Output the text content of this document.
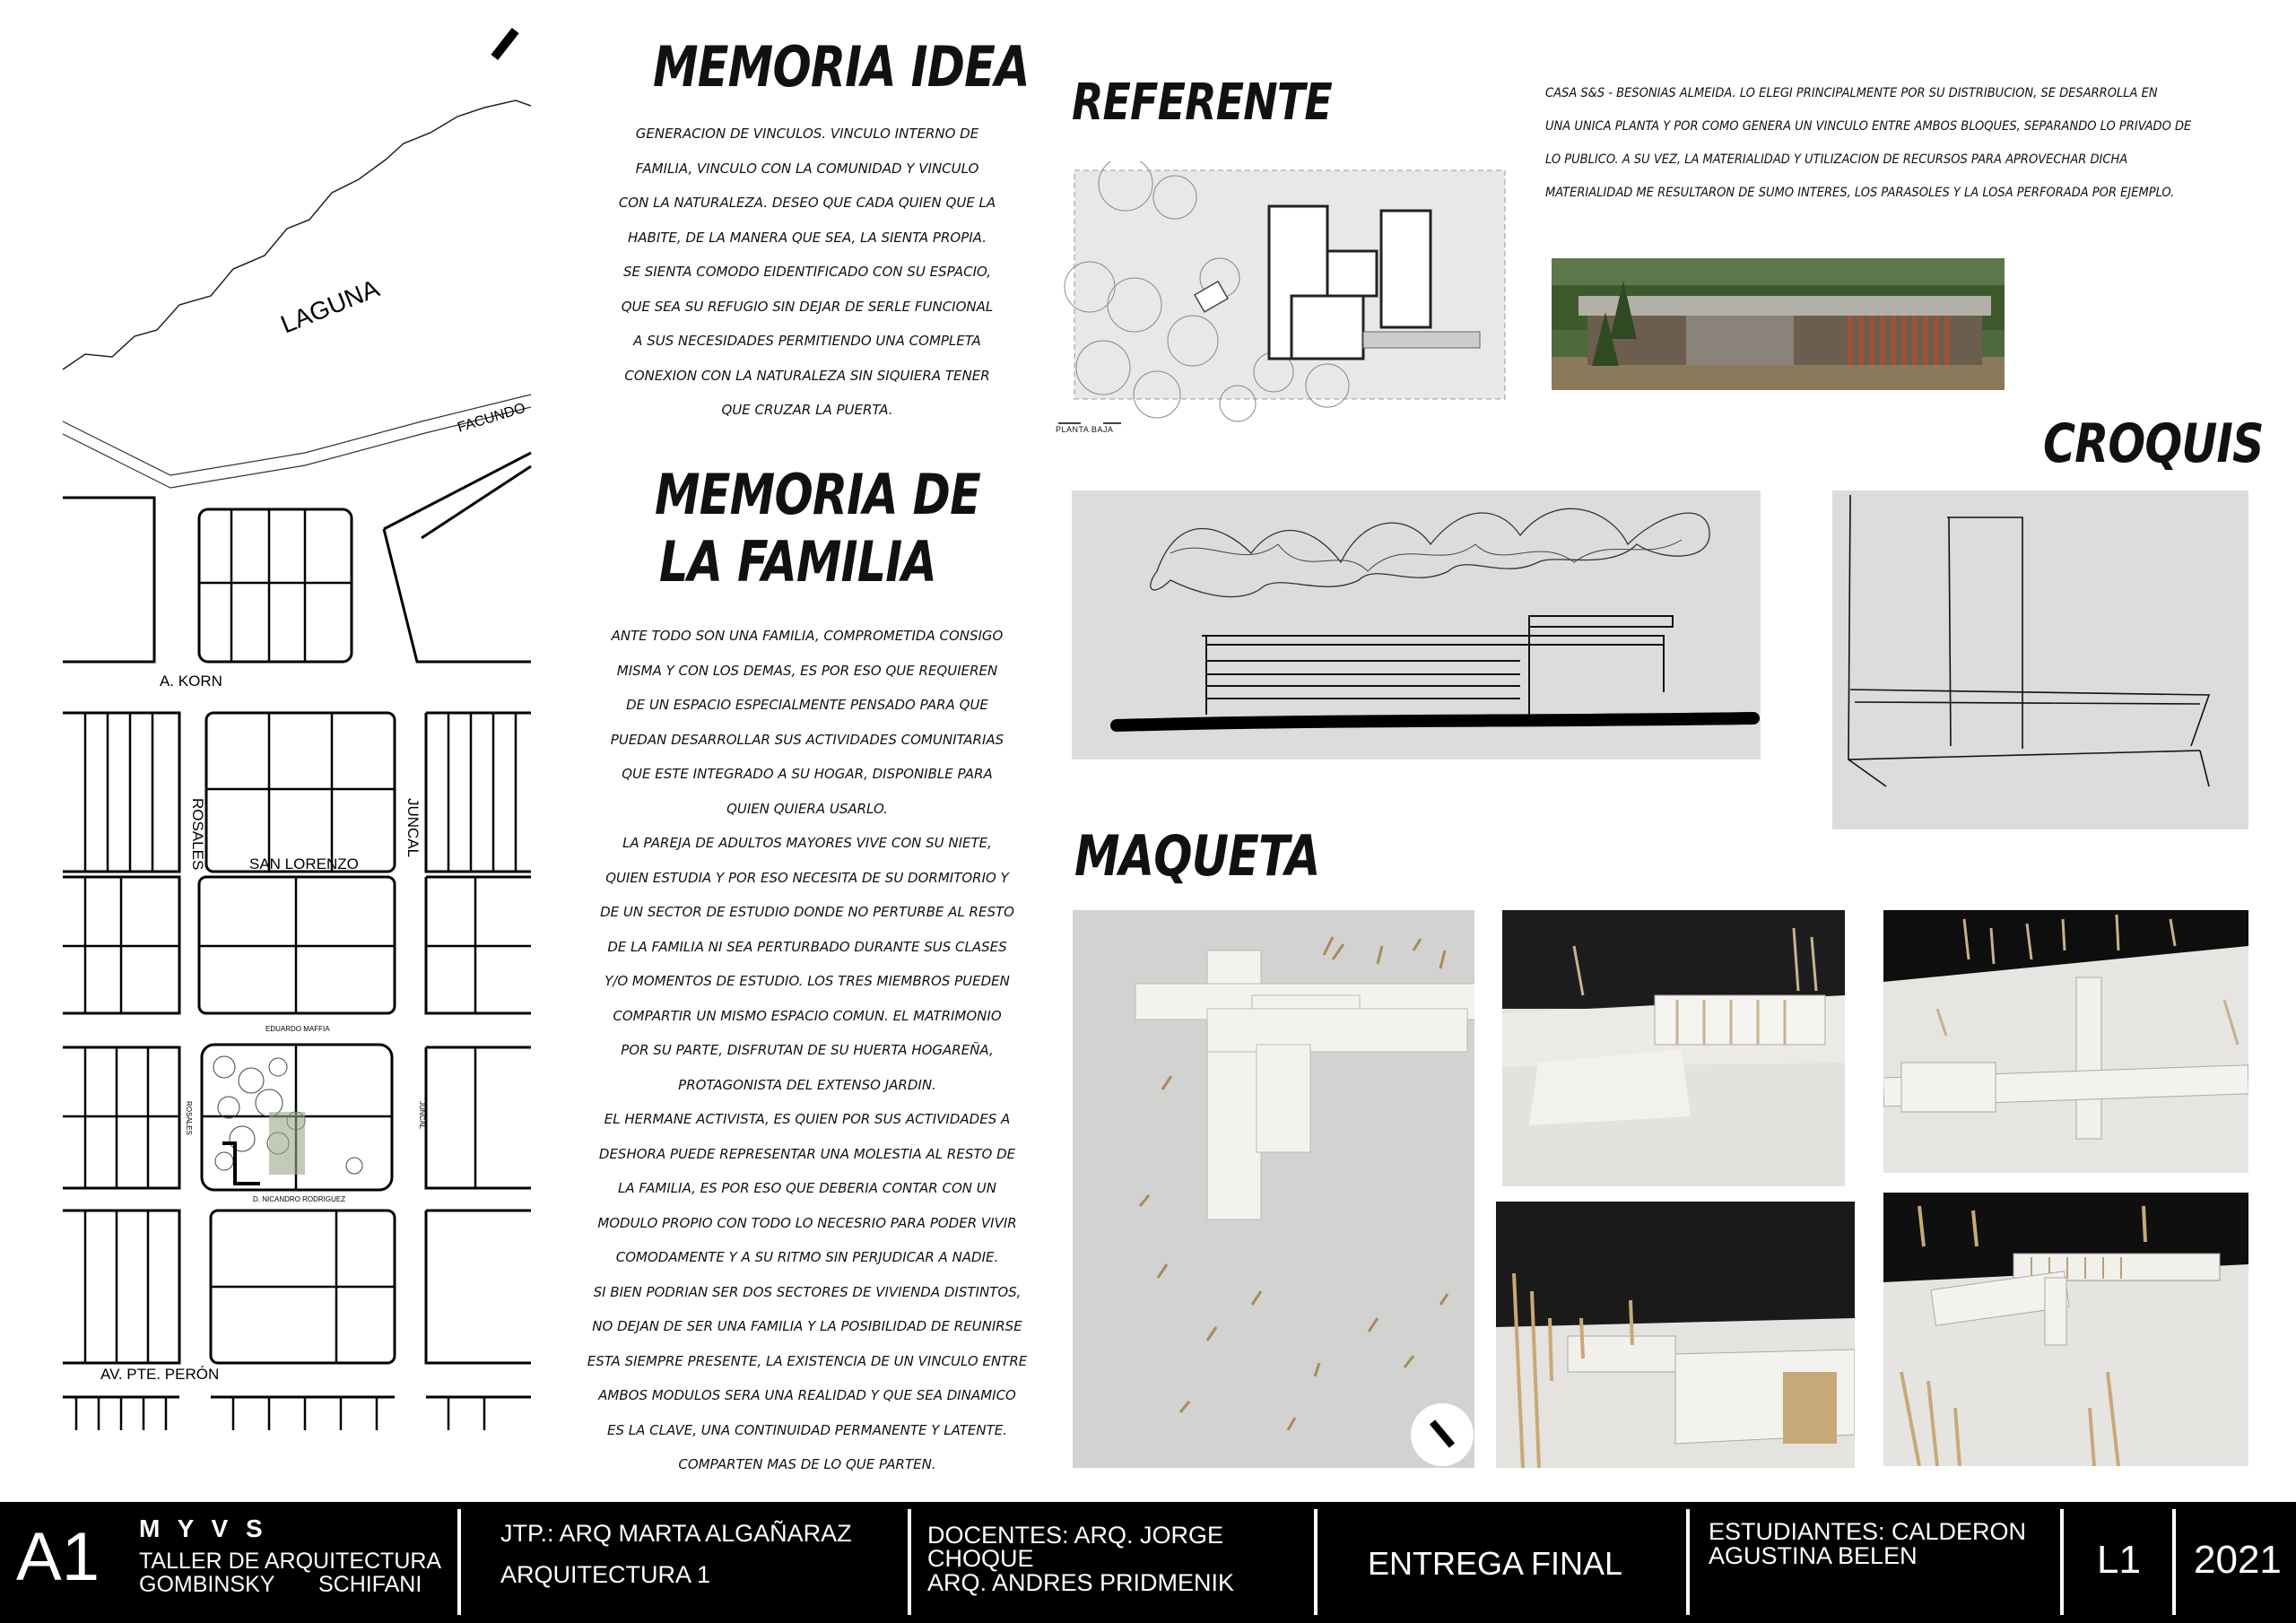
LAGUNA
FACUNDO
A. KORN
ROSALES	JUNCAL
SAN LORENZO
EDUARDO MAFFIA
D. NICANDRO RODRIGUEZ
ROSALES	JUNCAL
AV. PTE. PERÓN
MEMORIA IDEA
GENERACION DE VINCULOS. VINCULO INTERNO DE
FAMILIA, VINCULO CON LA COMUNIDAD Y VINCULO
CON LA NATURALEZA. DESEO QUE CADA QUIEN QUE LA
HABITE, DE LA MANERA QUE SEA, LA SIENTA PROPIA.
SE SIENTA COMODO EIDENTIFICADO CON SU ESPACIO,
QUE SEA SU REFUGIO SIN DEJAR DE SERLE FUNCIONAL
A SUS NECESIDADES PERMITIENDO UNA COMPLETA
CONEXION CON LA NATURALEZA SIN SIQUIERA TENER
QUE CRUZAR LA PUERTA.
MEMORIA DE
LA FAMILIA
ANTE TODO SON UNA FAMILIA, COMPROMETIDA CONSIGO
MISMA Y CON LOS DEMAS, ES POR ESO QUE REQUIEREN
DE UN ESPACIO ESPECIALMENTE PENSADO PARA QUE
PUEDAN DESARROLLAR SUS ACTIVIDADES COMUNITARIAS
QUE ESTE INTEGRADO A SU HOGAR, DISPONIBLE PARA
QUIEN QUIERA USARLO.
LA PAREJA DE ADULTOS MAYORES VIVE CON SU NIETE,
QUIEN ESTUDIA Y POR ESO NECESITA DE SU DORMITORIO Y
DE UN SECTOR DE ESTUDIO DONDE NO PERTURBE AL RESTO
DE LA FAMILIA NI SEA PERTURBADO DURANTE SUS CLASES
Y/O MOMENTOS DE ESTUDIO. LOS TRES MIEMBROS PUEDEN
COMPARTIR UN MISMO ESPACIO COMUN. EL MATRIMONIO
POR SU PARTE, DISFRUTAN DE SU HUERTA HOGAREÑA,
PROTAGONISTA DEL EXTENSO JARDIN.
EL HERMANE ACTIVISTA, ES QUIEN POR SUS ACTIVIDADES A
DESHORA PUEDE REPRESENTAR UNA MOLESTIA AL RESTO DE
LA FAMILIA, ES POR ESO QUE DEBERIA CONTAR CON UN
MODULO PROPIO CON TODO LO NECESRIO PARA PODER VIVIR
COMODAMENTE Y A SU RITMO SIN PERJUDICAR A NADIE.
SI BIEN PODRIAN SER DOS SECTORES DE VIVIENDA DISTINTOS,
NO DEJAN DE SER UNA FAMILIA Y LA POSIBILIDAD DE REUNIRSE
ESTA SIEMPRE PRESENTE, LA EXISTENCIA DE UN VINCULO ENTRE
AMBOS MODULOS SERA UNA REALIDAD Y QUE SEA DINAMICO
ES LA CLAVE, UNA CONTINUIDAD PERMANENTE Y LATENTE.
COMPARTEN MAS DE LO QUE PARTEN.
REFERENTE
PLANTA BAJA
CASA S&S - BESONIAS ALMEIDA. LO ELEGI PRINCIPALMENTE POR SU DISTRIBUCION, SE DESARROLLA EN
UNA UNICA PLANTA Y POR COMO GENERA UN VINCULO ENTRE AMBOS BLOQUES, SEPARANDO LO PRIVADO DE
LO PUBLICO. A SU VEZ, LA MATERIALIDAD Y UTILIZACION DE RECURSOS PARA APROVECHAR DICHA
MATERIALIDAD ME RESULTARON DE SUMO INTERES, LOS PARASOLES Y LA LOSA PERFORADA POR EJEMPLO.
CROQUIS
MAQUETA
A1 M Y V S
TALLER DE ARQUITECTURA
GOMBINSKY SCHIFANI
JTP.: ARQ MARTA ALGAÑARAZ
ARQUITECTURA 1
DOCENTES: ARQ. JORGE
CHOQUE
ARQ. ANDRES PRIDMENIK
ENTREGA FINAL
ESTUDIANTES: CALDERON
AGUSTINA BELEN	L1 2021
